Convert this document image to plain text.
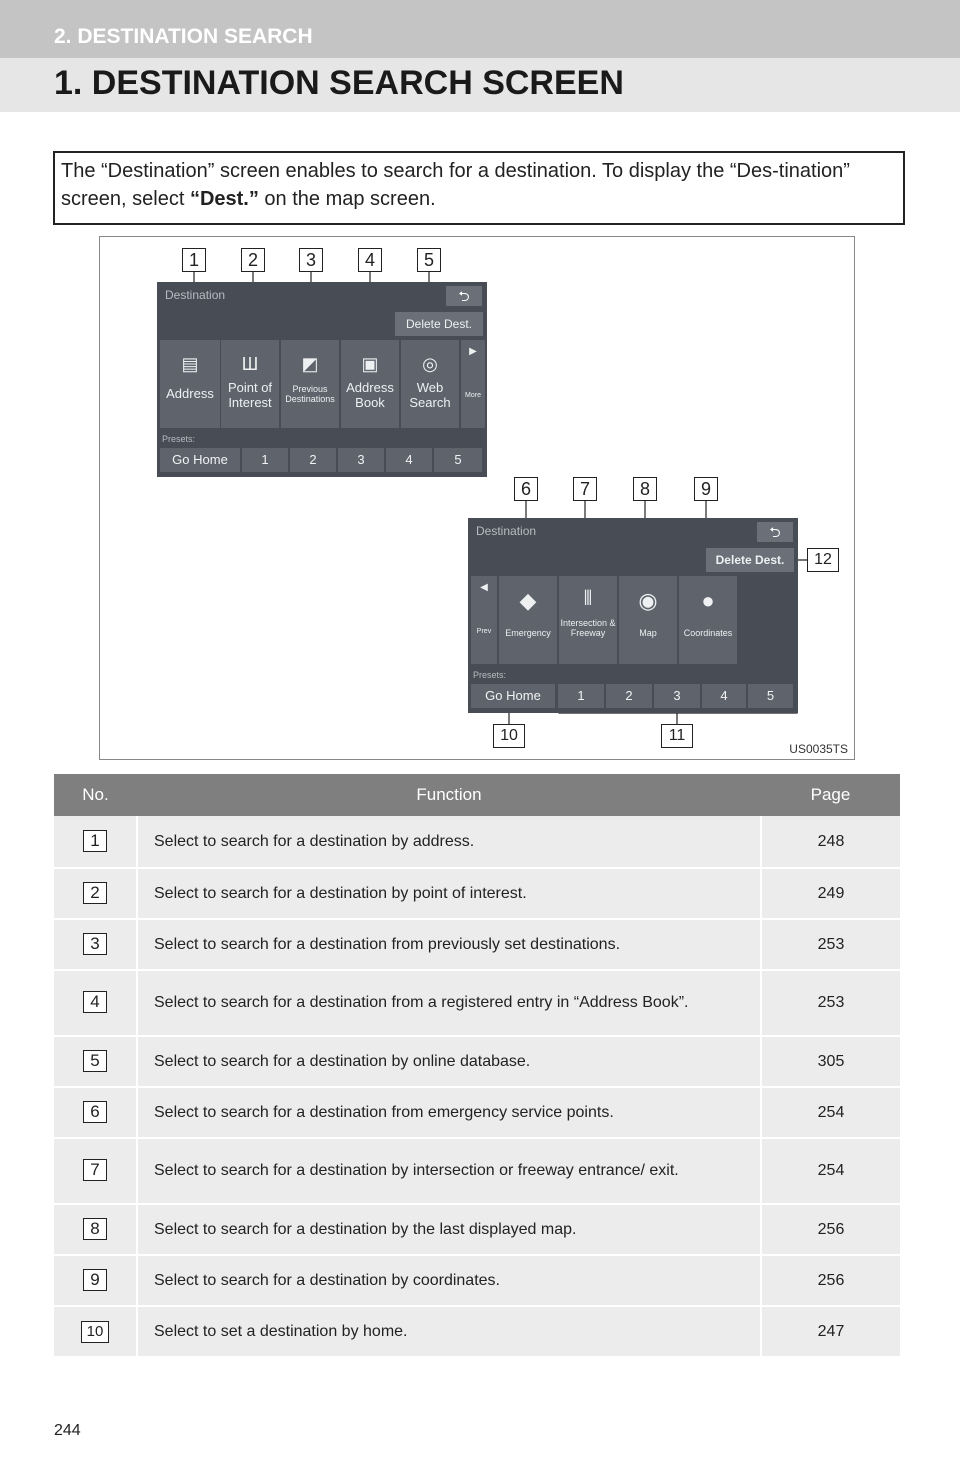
2. DESTINATION SEARCH
1. DESTINATION SEARCH SCREEN
The “Destination” screen enables to search for a destination. To display the “Des-tination” screen, select “Dest.” on the map screen.
Destination	⮌
Delete Dest.
▤
Address
Ш
Point of Interest
◩
Previous Destinations
▣
Address Book
◎
Web Search
▶
More
Presets:
Go Home	1	2	3	4	5
Destination	⮌
Delete Dest.
◀
Prev
◆
Emergency
⫴
Intersection & Freeway
◉
Map
●
Coordinates
Presets:
Go Home	1	2	3	4	5
1	2	3	4	5
6	7	8	9
12
10	11
US0035TS
No.	Function	Page
1	Select to search for a destination by address.	248
2	Select to search for a destination by point of interest.	249
3	Select to search for a destination from previously set destinations.	253
4	Select to search for a destination from a registered entry in “Address Book”.	253
5	Select to search for a destination by online database.	305
6	Select to search for a destination from emergency service points.	254
7	Select to search for a destination by intersection or freeway entrance/ exit.	254
8	Select to search for a destination by the last displayed map.	256
9	Select to search for a destination by coordinates.	256
10	Select to set a destination by home.	247
244
